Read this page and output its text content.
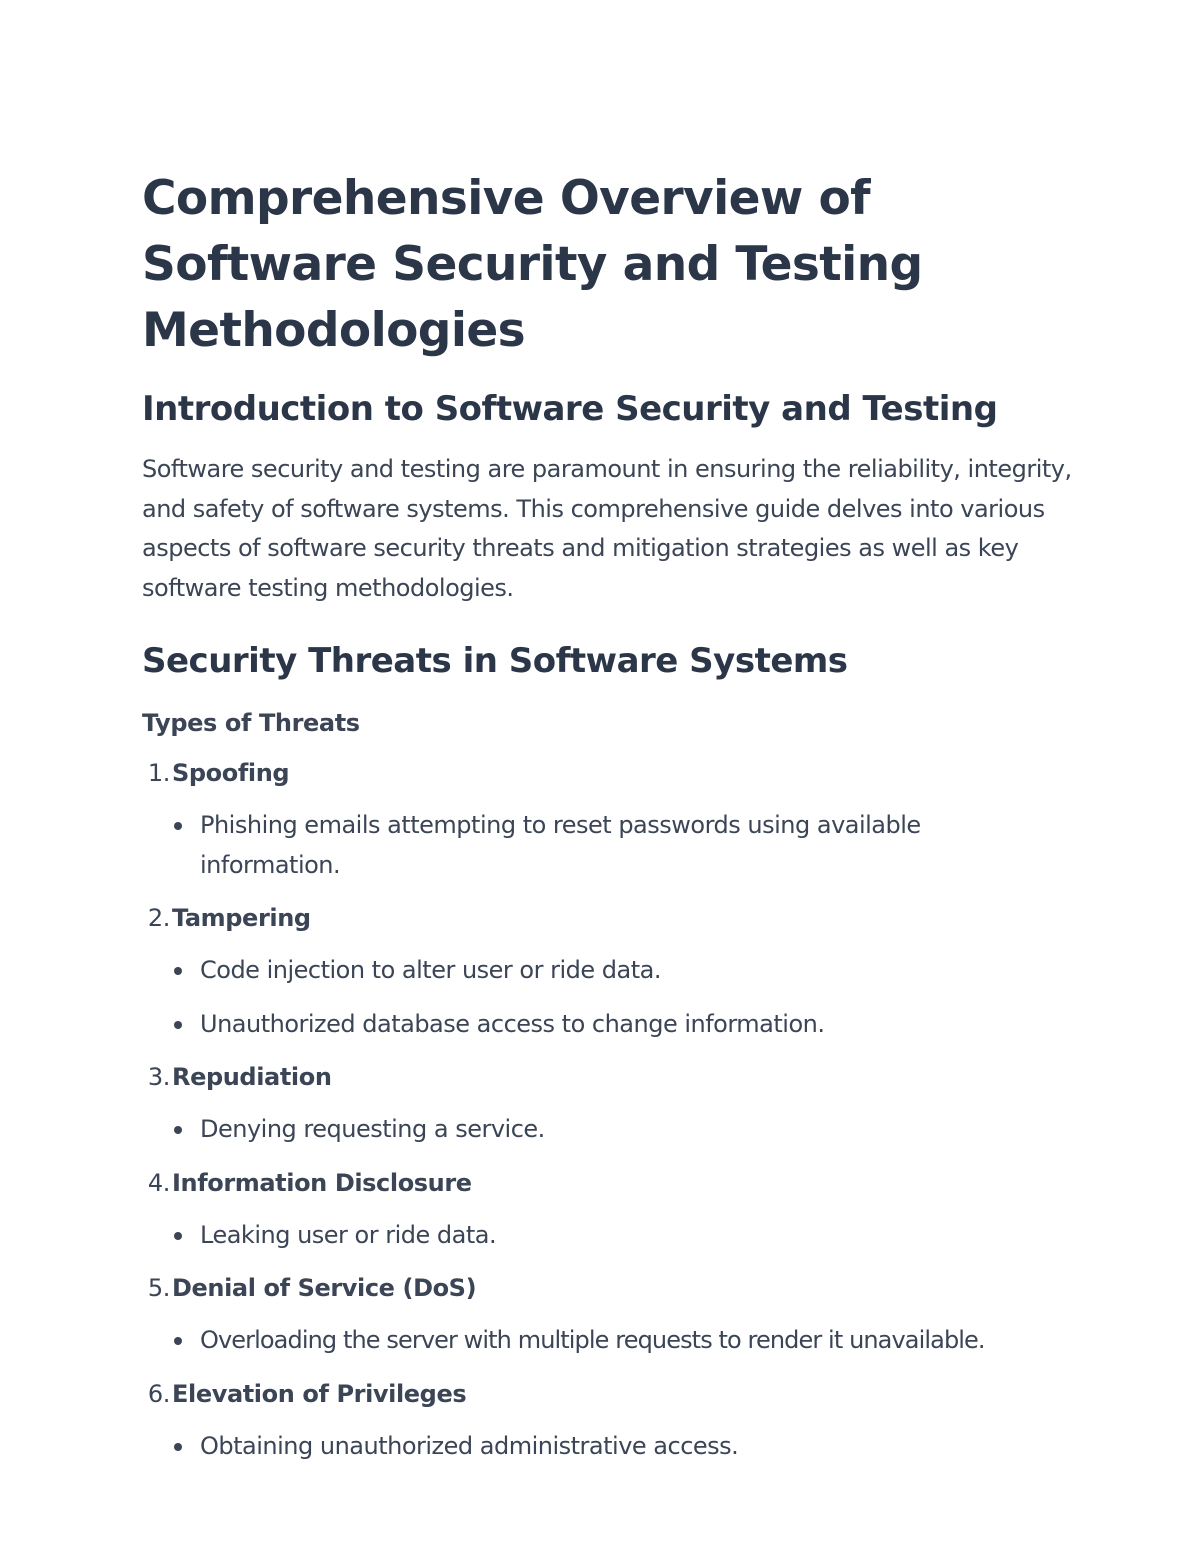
Comprehensive Overview of Software Security and Testing Methodologies
Introduction to Software Security and Testing

Software security and testing are paramount in ensuring the reliability, integrity, and safety of software systems. This comprehensive guide delves into various aspects of software security threats and mitigation strategies as well as key software testing methodologies.

Security Threats in Software Systems
Types of Threats
1. Spoofing
Phishing emails attempting to reset passwords using available information.
2. Tampering
Code injection to alter user or ride data.
Unauthorized database access to change information.
3. Repudiation
Denying requesting a service.
4. Information Disclosure
Leaking user or ride data.
5. Denial of Service (DoS)
Overloading the server with multiple requests to render it unavailable.
6. Elevation of Privileges
Obtaining unauthorized administrative access.
